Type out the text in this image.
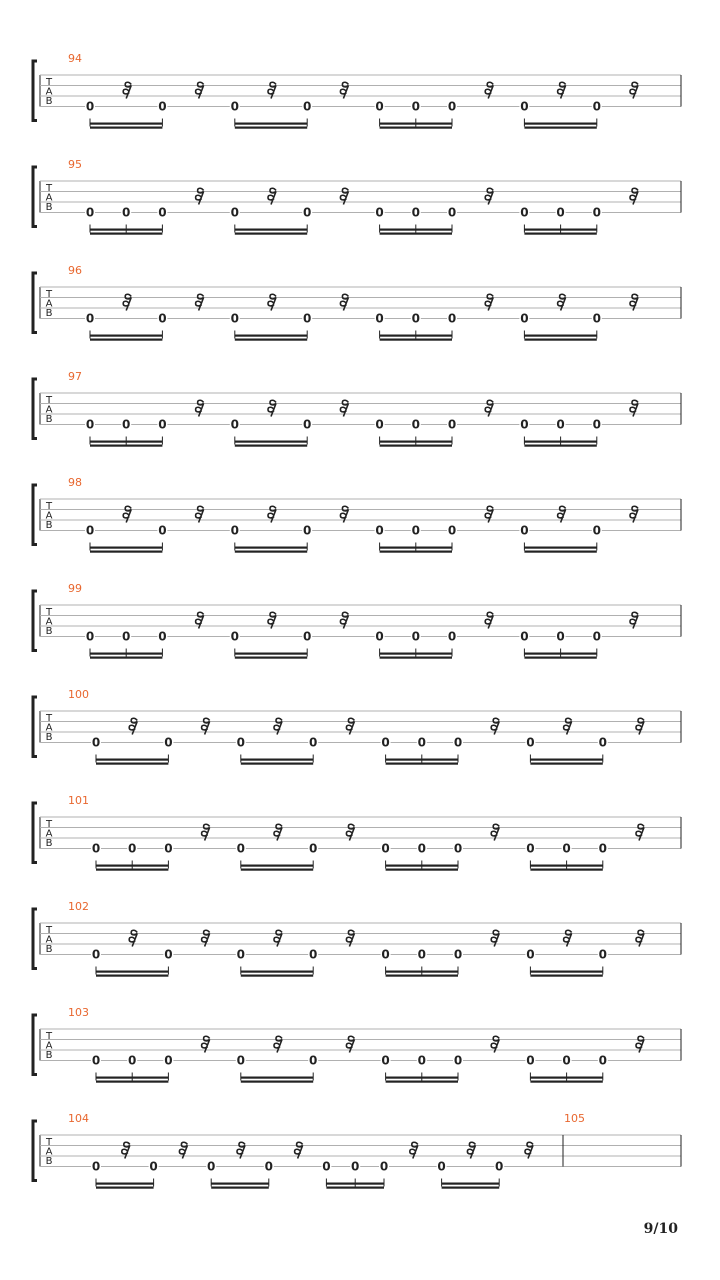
T
A
B
94
0	0	0	0	0 0 0	0	0
T
A
B
95
0 0 0	0	0	0 0 0	0 0 0
T
A
B
96
0	0	0	0	0 0 0	0	0
T
A
B
97
0 0 0	0	0	0 0 0	0 0 0
T
A
B
98
0	0	0	0	0 0 0	0	0
T
A
B
99
0 0 0	0	0	0 0 0	0 0 0
T
A
B
100
0	0	0	0	0 0 0	0	0
T
A
B
101
0 0 0	0	0	0 0 0	0 0 0
T
A
B
102
0	0	0	0	0 0 0	0	0
T
A
B
103
0 0 0	0	0	0 0 0	0 0 0
T
A
B
104
0	0	0	0	0 0 0	0	0
105
9/10
